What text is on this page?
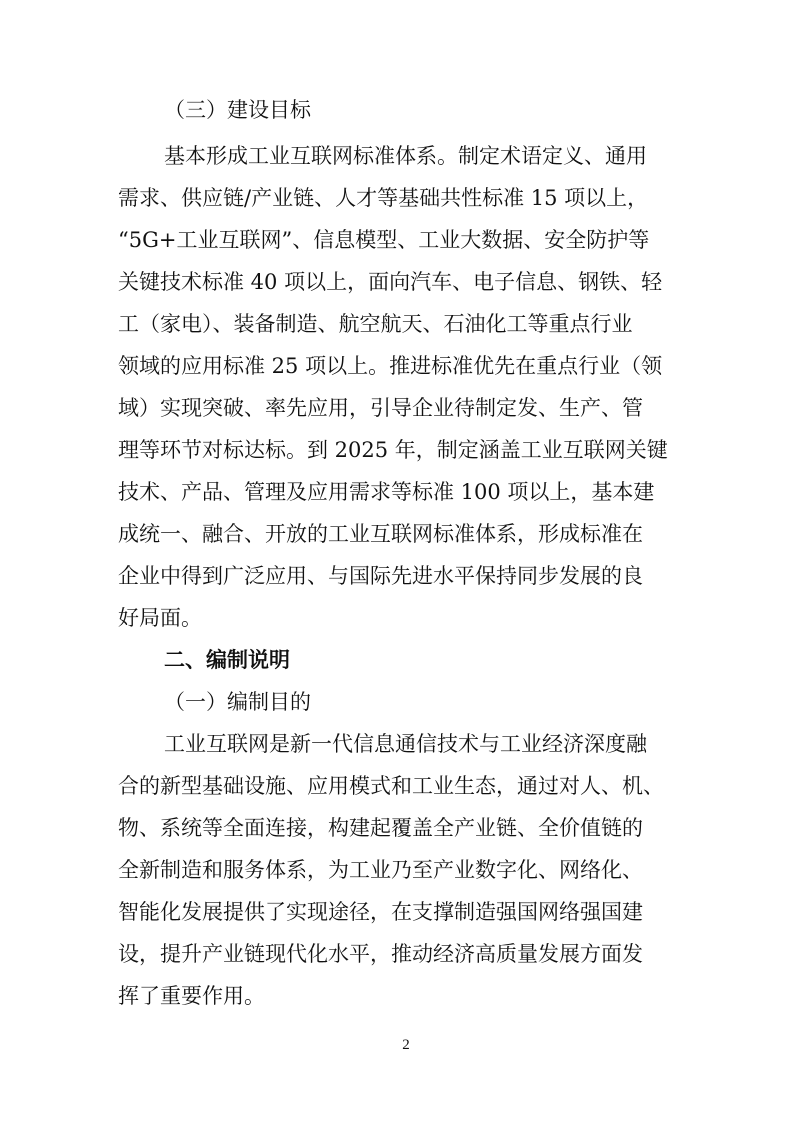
（三）建设目标
基本形成工业互联网标准体系。制定术语定义、通用
需求、供应链/产业链、人才等基础共性标准 15 项以上，
“5G+工业互联网”、信息模型、工业大数据、安全防护等
关键技术标准 40 项以上，面向汽车、电子信息、钢铁、轻
工（家电）、装备制造、航空航天、石油化工等重点行业
领域的应用标准 25 项以上。推进标准优先在重点行业（领
域）实现突破、率先应用，引导企业待制定发、生产、管
理等环节对标达标。到 2025 年，制定涵盖工业互联网关键
技术、产品、管理及应用需求等标准 100 项以上，基本建
成统一、融合、开放的工业互联网标准体系，形成标准在
企业中得到广泛应用、与国际先进水平保持同步发展的良
好局面。
二、编制说明
（一）编制目的
工业互联网是新一代信息通信技术与工业经济深度融
合的新型基础设施、应用模式和工业生态，通过对人、机、
物、系统等全面连接，构建起覆盖全产业链、全价值链的
全新制造和服务体系，为工业乃至产业数字化、网络化、
智能化发展提供了实现途径，在支撑制造强国网络强国建
设，提升产业链现代化水平，推动经济高质量发展方面发
挥了重要作用。
2
